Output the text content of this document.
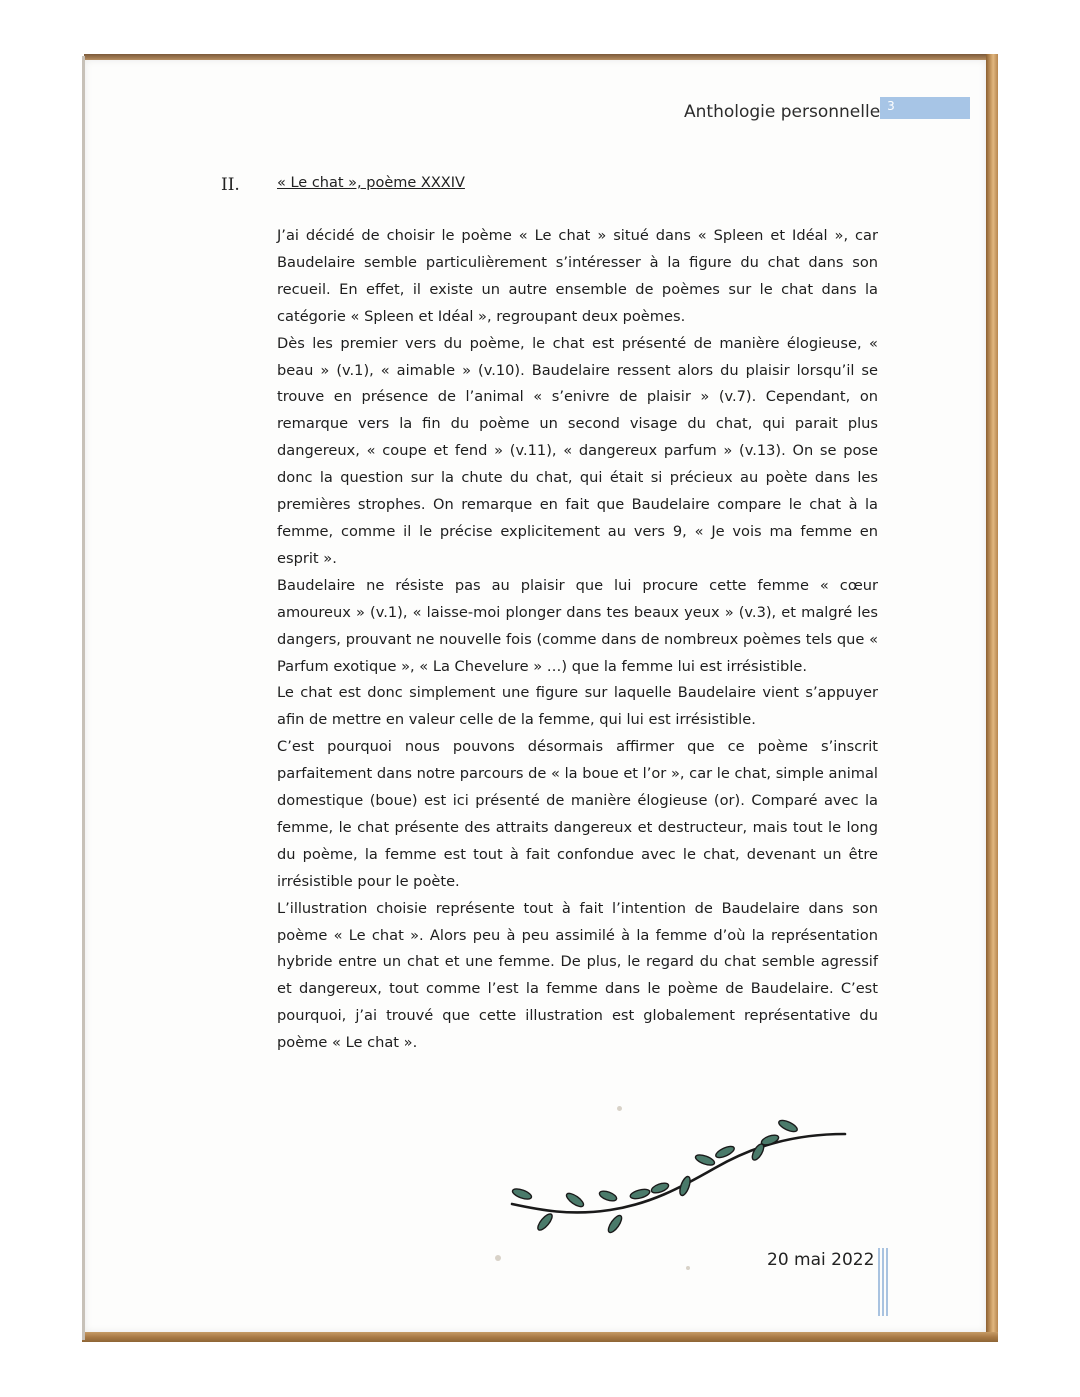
Anthologie personnelle 3
II.	« Le chat », poème XXXIV

J’ai décidé de choisir le poème « Le chat » situé dans « Spleen et Idéal », car Baudelaire semble particulièrement s’intéresser à la figure du chat dans son recueil. En effet, il existe un autre ensemble de poèmes sur le chat dans la catégorie « Spleen et Idéal », regroupant deux poèmes.

Dès les premier vers du poème, le chat est présenté de manière élogieuse, « beau » (v.1), « aimable » (v.10). Baudelaire ressent alors du plaisir lorsqu’il se trouve en présence de l’animal « s’enivre de plaisir » (v.7). Cependant, on remarque vers la fin du poème un second visage du chat, qui parait plus dangereux, « coupe et fend » (v.11), « dangereux parfum » (v.13). On se pose donc la question sur la chute du chat, qui était si précieux au poète dans les premières strophes. On remarque en fait que Baudelaire compare le chat à la femme, comme il le précise explicitement au vers 9, « Je vois ma femme en esprit ».

Baudelaire ne résiste pas au plaisir que lui procure cette femme « cœur amoureux » (v.1), « laisse-moi plonger dans tes beaux yeux » (v.3), et malgré les dangers, prouvant ne nouvelle fois (comme dans de nombreux poèmes tels que « Parfum exotique », « La Chevelure » …) que la femme lui est irrésistible.

Le chat est donc simplement une figure sur laquelle Baudelaire vient s’appuyer afin de mettre en valeur celle de la femme, qui lui est irrésistible.

C’est pourquoi nous pouvons désormais affirmer que ce poème s’inscrit parfaitement dans notre parcours de « la boue et l’or », car le chat, simple animal domestique (boue) est ici présenté de manière élogieuse (or). Comparé avec la femme, le chat présente des attraits dangereux et destructeur, mais tout le long du poème, la femme est tout à fait confondue avec le chat, devenant un être irrésistible pour le poète.

L’illustration choisie représente tout à fait l’intention de Baudelaire dans son poème « Le chat ». Alors peu à peu assimilé à la femme d’où la représentation hybride entre un chat et une femme. De plus, le regard du chat semble agressif et dangereux, tout comme l’est la femme dans le poème de Baudelaire. C’est pourquoi, j’ai trouvé que cette illustration est globalement représentative du poème « Le chat ».

20 mai 2022
